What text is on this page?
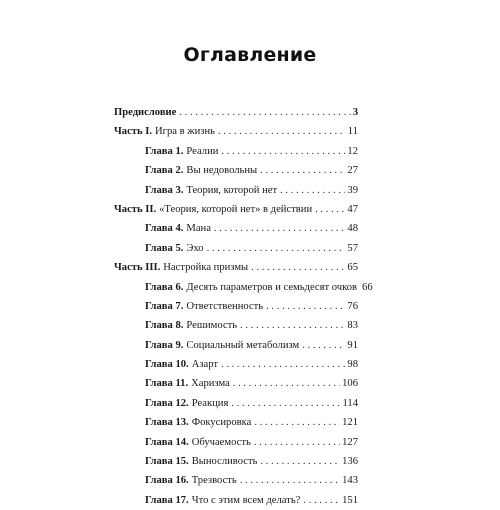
Оглавление
Предисловие . . .	3
Часть I. Игра в жизнь . . .	11
Глава 1. Реалии . . .	12
Глава 2. Вы недовольны . . .	27
Глава 3. Теория, которой нет . . .	39
Часть II. «Теория, которой нет» в действии . . .	47
Глава 4. Мана . . .	48
Глава 5. Эхо . . .	57
Часть III. Настройка призмы . . .	65
Глава 6. Десять параметров и семьдесят очков 66
Глава 7. Ответственность . . .	76
Глава 8. Решимость . . .	83
Глава 9. Социальный метаболизм . . .	91
Глава 10. Азарт . . .	98
Глава 11. Харизма . . .	106
Глава 12. Реакция . . .	114
Глава 13. Фокусировка . . .	121
Глава 14. Обучаемость . . .	127
Глава 15. Выносливость . . .	136
Глава 16. Трезвость . . .	143
Глава 17. Что с этим всем делать? . . .	151
